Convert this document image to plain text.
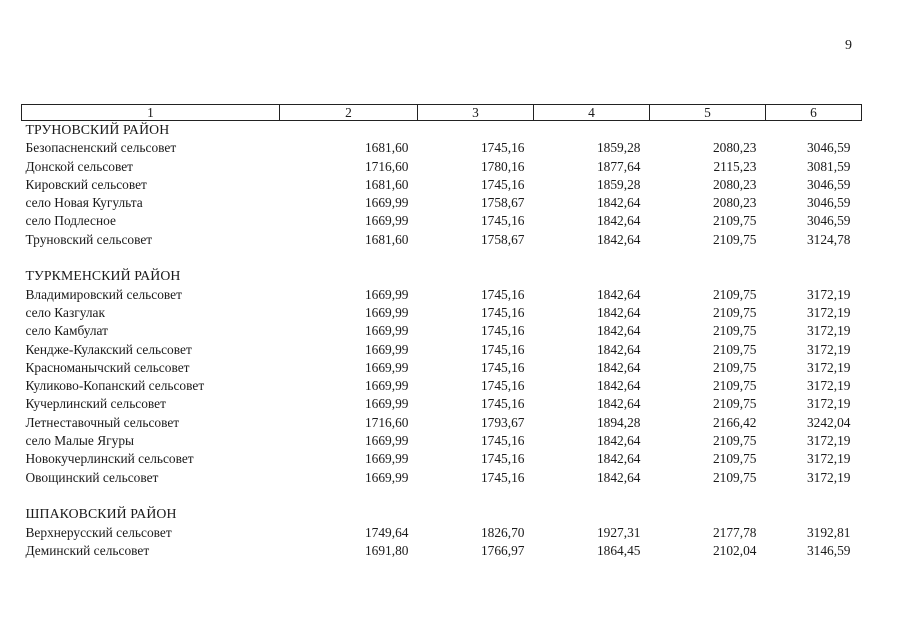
9
1	2	3	4	5	6
ТРУНОВСКИЙ РАЙОН					
Безопасненский сельсовет	1681,60	1745,16	1859,28	2080,23	3046,59
Донской сельсовет	1716,60	1780,16	1877,64	2115,23	3081,59
Кировский сельсовет	1681,60	1745,16	1859,28	2080,23	3046,59
село Новая Кугульта	1669,99	1758,67	1842,64	2080,23	3046,59
село Подлесное	1669,99	1745,16	1842,64	2109,75	3046,59
Труновский сельсовет	1681,60	1758,67	1842,64	2109,75	3124,78

ТУРКМЕНСКИЙ РАЙОН					
Владимировский сельсовет	1669,99	1745,16	1842,64	2109,75	3172,19
село Казгулак	1669,99	1745,16	1842,64	2109,75	3172,19
село Камбулат	1669,99	1745,16	1842,64	2109,75	3172,19
Кендже-Кулакский сельсовет	1669,99	1745,16	1842,64	2109,75	3172,19
Красноманычский сельсовет	1669,99	1745,16	1842,64	2109,75	3172,19
Куликово-Копанский сельсовет	1669,99	1745,16	1842,64	2109,75	3172,19
Кучерлинский сельсовет	1669,99	1745,16	1842,64	2109,75	3172,19
Летнеставочный сельсовет	1716,60	1793,67	1894,28	2166,42	3242,04
село Малые Ягуры	1669,99	1745,16	1842,64	2109,75	3172,19
Новокучерлинский сельсовет	1669,99	1745,16	1842,64	2109,75	3172,19
Овощинский сельсовет	1669,99	1745,16	1842,64	2109,75	3172,19

ШПАКОВСКИЙ РАЙОН					
Верхнерусский сельсовет	1749,64	1826,70	1927,31	2177,78	3192,81
Деминский сельсовет	1691,80	1766,97	1864,45	2102,04	3146,59
